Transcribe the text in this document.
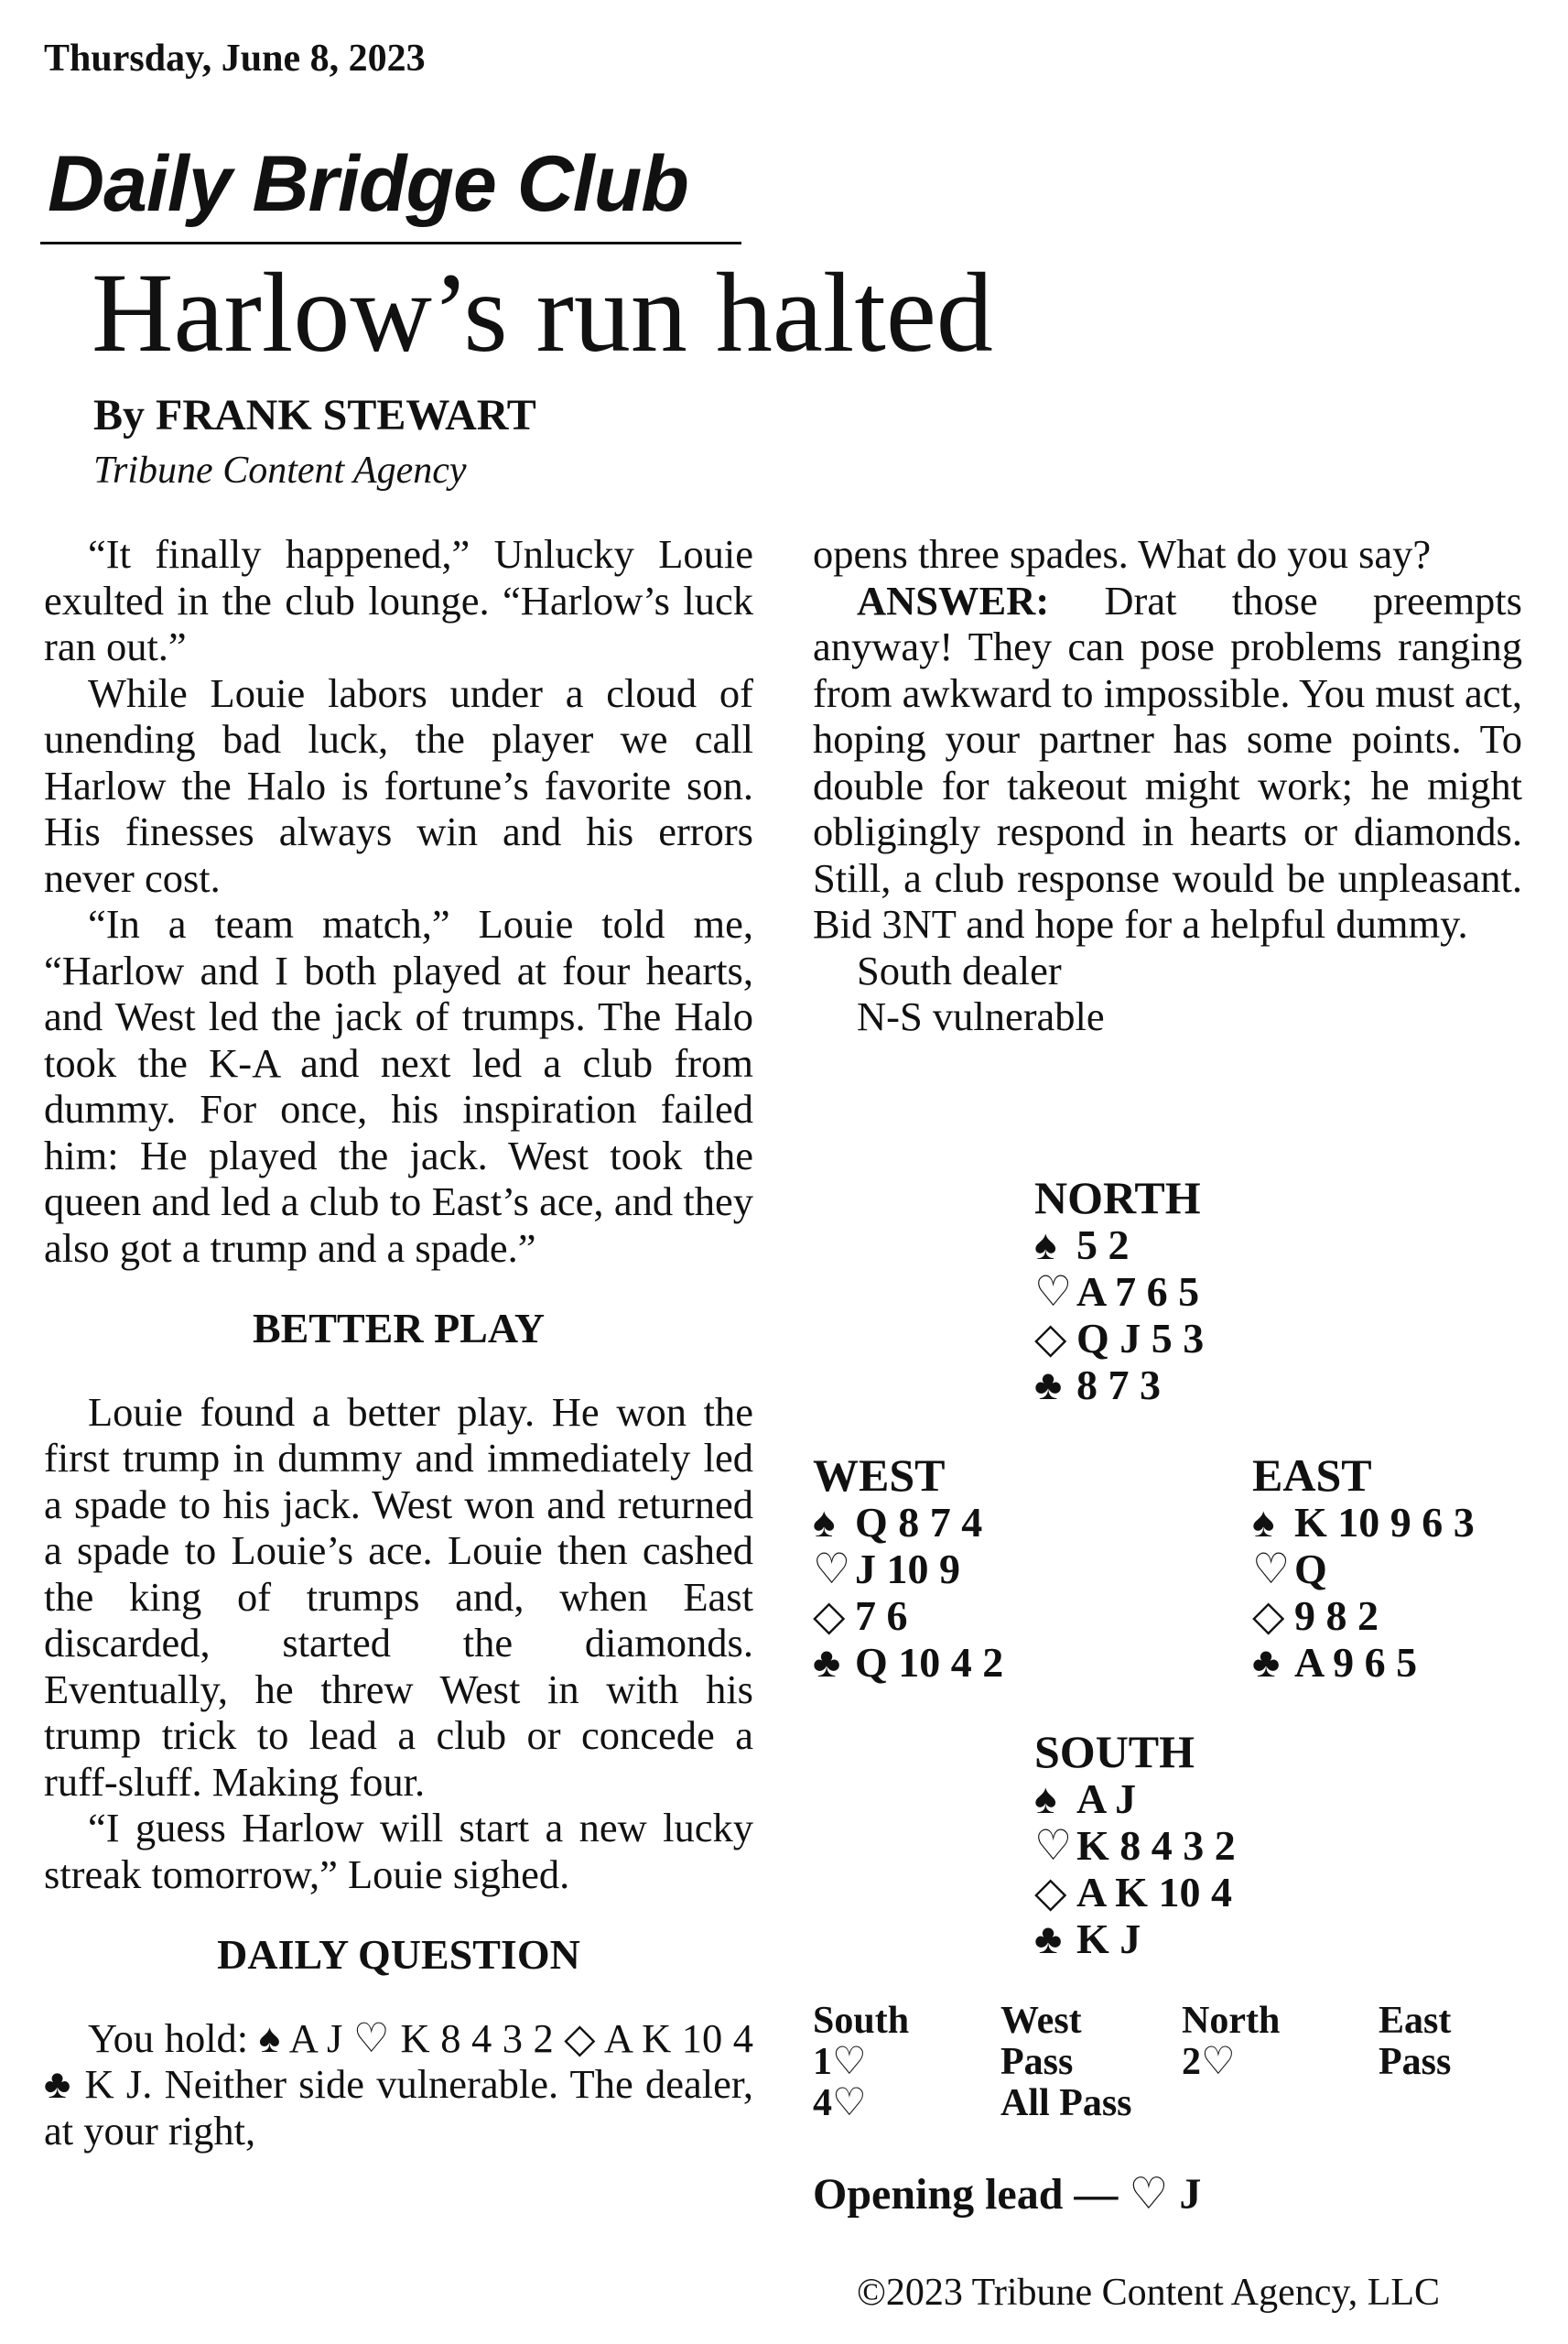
Thursday, June 8, 2023
Daily Bridge Club
Harlow’s run halted
By FRANK STEWART
Tribune Content Agency

“It finally happened,” Unlucky Louie exulted in the club lounge. “Harlow’s luck ran out.”

While Louie labors under a cloud of unending bad luck, the player we call Harlow the Halo is fortune’s favorite son. His finesses always win and his errors never cost.

“In a team match,” Louie told me, “Harlow and I both played at four hearts, and West led the jack of trumps. The Halo took the K-A and next led a club from dummy. For once, his inspiration failed him: He played the jack. West took the queen and led a club to East’s ace, and they also got a trump and a spade.”

BETTER PLAY

Louie found a better play. He won the first trump in dummy and immediately led a spade to his jack. West won and returned a spade to Louie’s ace. Louie then cashed the king of trumps and, when East discarded, started the diamonds. Eventually, he threw West in with his trump trick to lead a club or concede a ruff-sluff. Making four.

“I guess Harlow will start a new lucky streak tomorrow,” Louie sighed.

DAILY QUESTION

You hold: ♠ A J ♡ K 8 4 3 2 ◇ A K 10 4 ♣ K J. Neither side vulnerable. The dealer, at your right,

opens three spades. What do you say?

ANSWER: Drat those preempts anyway! They can pose problems ranging from awkward to impossible. You must act, hoping your partner has some points. To double for takeout might work; he might obligingly respond in hearts or diamonds. Still, a club response would be unpleasant. Bid 3NT and hope for a helpful dummy.

South dealer
N-S vulnerable
NORTH
♠ 5 2
♡ A 7 6 5
◇ Q J 5 3
♣ 8 7 3
WEST
♠ Q 8 7 4
♡ J 10 9
◇ 7 6
♣ Q 10 4 2
EAST
♠ K 10 9 6 3
♡ Q
◇ 9 8 2
♣ A 9 6 5
SOUTH
♠ A J
♡ K 8 4 3 2
◇ A K 10 4
♣ K J
South	West	North	East
1♡	Pass	2♡	Pass
4♡	All Pass
Opening lead — ♡ J
©2023 Tribune Content Agency, LLC
